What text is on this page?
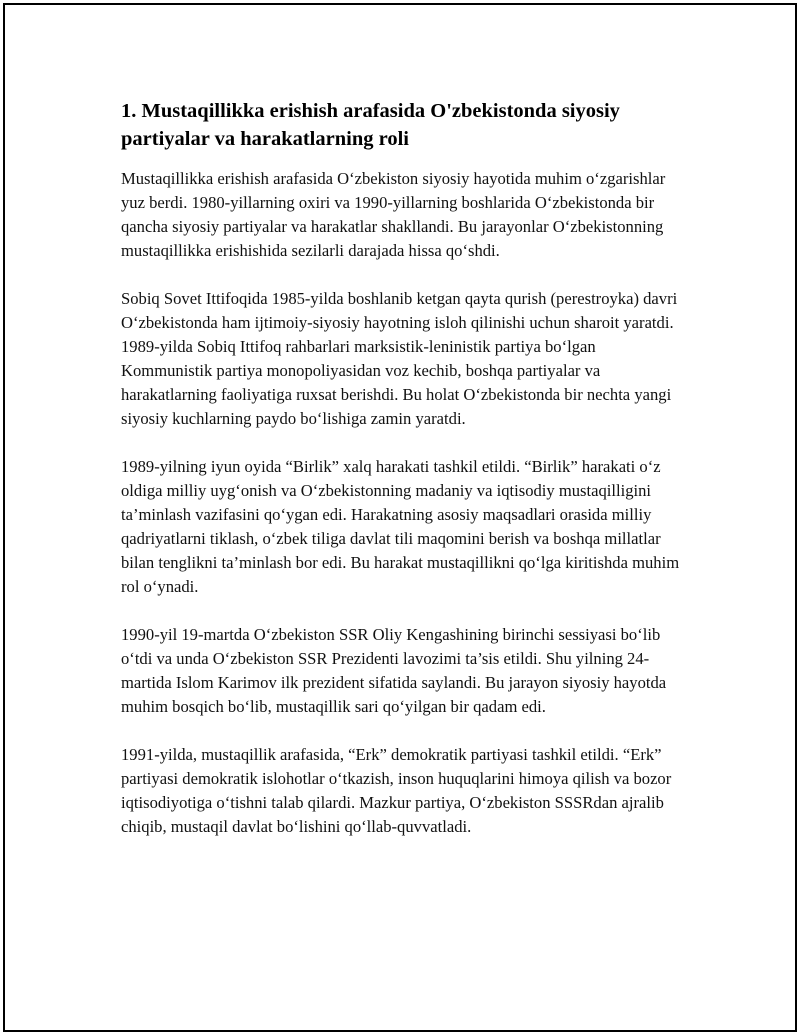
1. Mustaqillikka erishish arafasida O'zbekistonda siyosiy partiyalar va harakatlarning roli

Mustaqillikka erishish arafasida O‘zbekiston siyosiy hayotida muhim o‘zgarishlar yuz berdi. 1980-yillarning oxiri va 1990-yillarning boshlarida O‘zbekistonda bir qancha siyosiy partiyalar va harakatlar shakllandi. Bu jarayonlar O‘zbekistonning mustaqillikka erishishida sezilarli darajada hissa qo‘shdi.

Sobiq Sovet Ittifoqida 1985-yilda boshlanib ketgan qayta qurish (perestroyka) davri O‘zbekistonda ham ijtimoiy-siyosiy hayotning isloh qilinishi uchun sharoit yaratdi. 1989-yilda Sobiq Ittifoq rahbarlari marksistik-leninistik partiya bo‘lgan Kommunistik partiya monopoliyasidan voz kechib, boshqa partiyalar va harakatlarning faoliyatiga ruxsat berishdi. Bu holat O‘zbekistonda bir nechta yangi siyosiy kuchlarning paydo bo‘lishiga zamin yaratdi.

1989-yilning iyun oyida “Birlik” xalq harakati tashkil etildi. “Birlik” harakati o‘z oldiga milliy uyg‘onish va O‘zbekistonning madaniy va iqtisodiy mustaqilligini ta’minlash vazifasini qo‘ygan edi. Harakatning asosiy maqsadlari orasida milliy qadriyatlarni tiklash, o‘zbek tiliga davlat tili maqomini berish va boshqa millatlar bilan tenglikni ta’minlash bor edi. Bu harakat mustaqillikni qo‘lga kiritishda muhim rol o‘ynadi.

1990-yil 19-martda O‘zbekiston SSR Oliy Kengashining birinchi sessiyasi bo‘lib o‘tdi va unda O‘zbekiston SSR Prezidenti lavozimi ta’sis etildi. Shu yilning 24-martida Islom Karimov ilk prezident sifatida saylandi. Bu jarayon siyosiy hayotda muhim bosqich bo‘lib, mustaqillik sari qo‘yilgan bir qadam edi.

1991-yilda, mustaqillik arafasida, “Erk” demokratik partiyasi tashkil etildi. “Erk” partiyasi demokratik islohotlar o‘tkazish, inson huquqlarini himoya qilish va bozor iqtisodiyotiga o‘tishni talab qilardi. Mazkur partiya, O‘zbekiston SSSRdan ajralib chiqib, mustaqil davlat bo‘lishini qo‘llab-quvvatladi.
